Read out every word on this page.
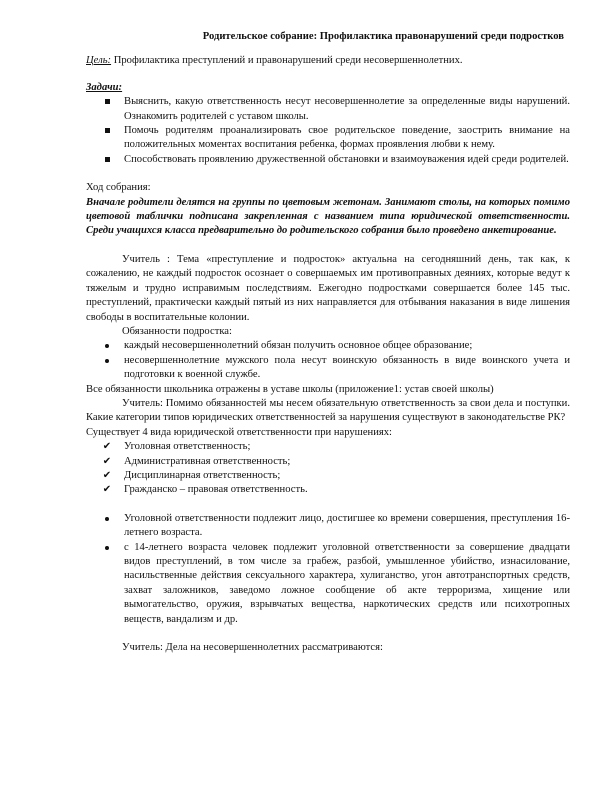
Родительское собрание: Профилактика правонарушений среди подростков

Цель: Профилактика преступлений и правонарушений среди несовершеннолетних.

Задачи:

Выяснить, какую ответственность несут несовершеннолетие за определенные виды нарушений. Ознакомить родителей с уставом школы.
Помочь родителям проанализировать свое родительское поведение, заострить внимание на положительных моментах воспитания ребенка, формах проявления любви к нему.
Способствовать проявлению дружественной обстановки и взаимоуважения идей среди родителей.

Ход собрания:

Вначале родители делятся на группы по цветовым жетонам. Занимают столы, на которых помимо цветовой таблички подписана закрепленная с названием типа юридической ответственности. Среди учащихся класса предварительно до родительского собрания было проведено анкетирование.

Учитель : Тема «преступление и подросток» актуальна на сегодняшний день, так как, к сожалению, не каждый подросток осознает о совершаемых им противоправных деяниях, которые ведут к тяжелым и трудно исправимым последствиям. Ежегодно подростками совершается более 145 тыс. преступлений, практически каждый пятый из них направляется для отбывания наказания в виде лишения свободы в воспитательные колонии.

Обязанности подростка:

каждый несовершеннолетний обязан получить основное общее образование;
несовершеннолетние мужского пола несут воинскую обязанность в виде воинского учета и подготовки к военной службе.

Все обязанности школьника отражены в уставе школы (приложение1: устав своей школы)

Учитель: Помимо обязанностей мы несем обязательную ответственность за свои дела и поступки. Какие категории типов юридических ответственностей за нарушения существуют в законодательстве РК?

Существует 4 вида юридической ответственности при нарушениях:

✔ Уголовная ответственность;
✔ Административная ответственность;
✔ Дисциплинарная ответственность;
✔ Гражданско – правовая ответственность.
Уголовной ответственности подлежит лицо, достигшее ко времени совершения, преступления 16-летнего возраста.
с 14-летнего возраста человек подлежит уголовной ответственности за совершение двадцати видов преступлений, в том числе за грабеж, разбой, умышленное убийство, изнасилование, насильственные действия сексуального характера, хулиганство, угон автотранспортных средств, захват заложников, заведомо ложное сообщение об акте терроризма, хищение или вымогательство, оружия, взрывчатых вещества, наркотических средств или психотропных веществ, вандализм и др.

Учитель: Дела на несовершеннолетних рассматриваются:
